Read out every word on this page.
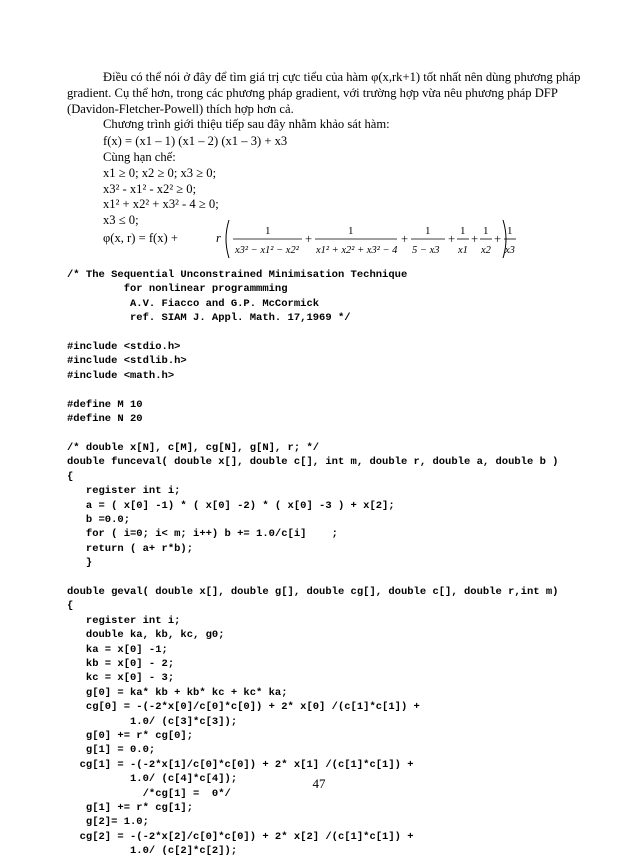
Điều có thể nói ở đây để tìm giá trị cực tiểu của hàm φ(x,rk+1) tốt nhất nên dùng phương pháp gradient. Cụ thể hơn, trong các phương pháp gradient, với trường hợp vừa nêu phương pháp DFP (Davidon-Fletcher-Powell) thích hợp hơn cả.

Chương trình giới thiệu tiếp sau đây nhằm khảo sát hàm:

f(x) = (x1 – 1) (x1 – 2) (x1 – 3) + x3

Cùng hạn chế:

x1 ≥ 0; x2 ≥ 0; x3 ≥ 0;

x3² - x1² - x2² ≥ 0;

x1² + x2² + x3² - 4 ≥ 0;

x3 ≤ 0;

φ(x, r) = f(x) +	r	1
x3² − x1² − x2²
+
1
x1² + x2² + x3² − 4
+
1
5 − x3
+
1
x1
+
1
x2
+
1
x3
/* The Sequential Unconstrained Minimisation Technique
for nonlinear programmming
A.V. Fiacco and G.P. McCormick
ref. SIAM J. Appl. Math. 17,1969 */

#include <stdio.h>
#include <stdlib.h>
#include <math.h>

#define M 10
#define N 20

/* double x[N], c[M], cg[N], g[N], r; */
double funceval( double x[], double c[], int m, double r, double a, double b )
{
register int i;
a = ( x[0] -1) * ( x[0] -2) * ( x[0] -3 ) + x[2];
b =0.0;
for ( i=0; i< m; i++) b += 1.0/c[i]    ;
return ( a+ r*b);
}

double geval( double x[], double g[], double cg[], double c[], double r,int m)
{
register int i;
double ka, kb, kc, g0;
ka = x[0] -1;
kb = x[0] - 2;
kc = x[0] - 3;
g[0] = ka* kb + kb* kc + kc* ka;
cg[0] = -(-2*x[0]/c[0]*c[0]) + 2* x[0] /(c[1]*c[1]) +
1.0/ (c[3]*c[3]);
g[0] += r* cg[0];
g[1] = 0.0;
cg[1] = -(-2*x[1]/c[0]*c[0]) + 2* x[1] /(c[1]*c[1]) +
1.0/ (c[4]*c[4]);
/*cg[1] =  0*/
g[1] += r* cg[1];
g[2]= 1.0;
cg[2] = -(-2*x[2]/c[0]*c[0]) + 2* x[2] /(c[1]*c[1]) +
1.0/ (c[2]*c[2]);
47
